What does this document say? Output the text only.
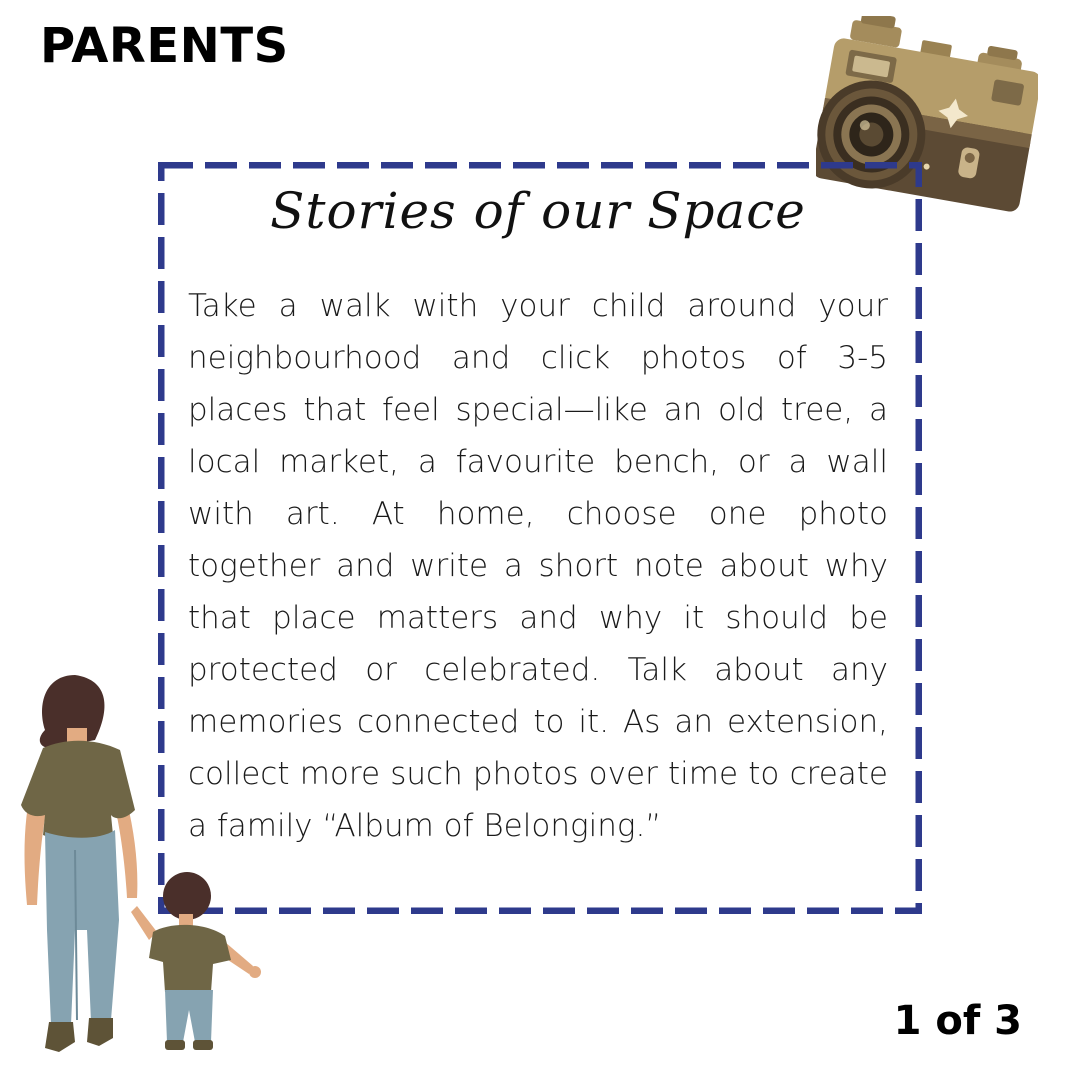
PARENTS
Stories of our Space
Take a walk with your child around your neighbourhood and click photos of 3-5 places that feel special—like an old tree, a local market, a favourite bench, or a wall with art. At home, choose one photo together and write a short note about why that place matters and why it should be protected or celebrated. Talk about any memories connected to it. As an extension, collect more such photos over time to create a family “Album of Belonging.”
1 of 3
